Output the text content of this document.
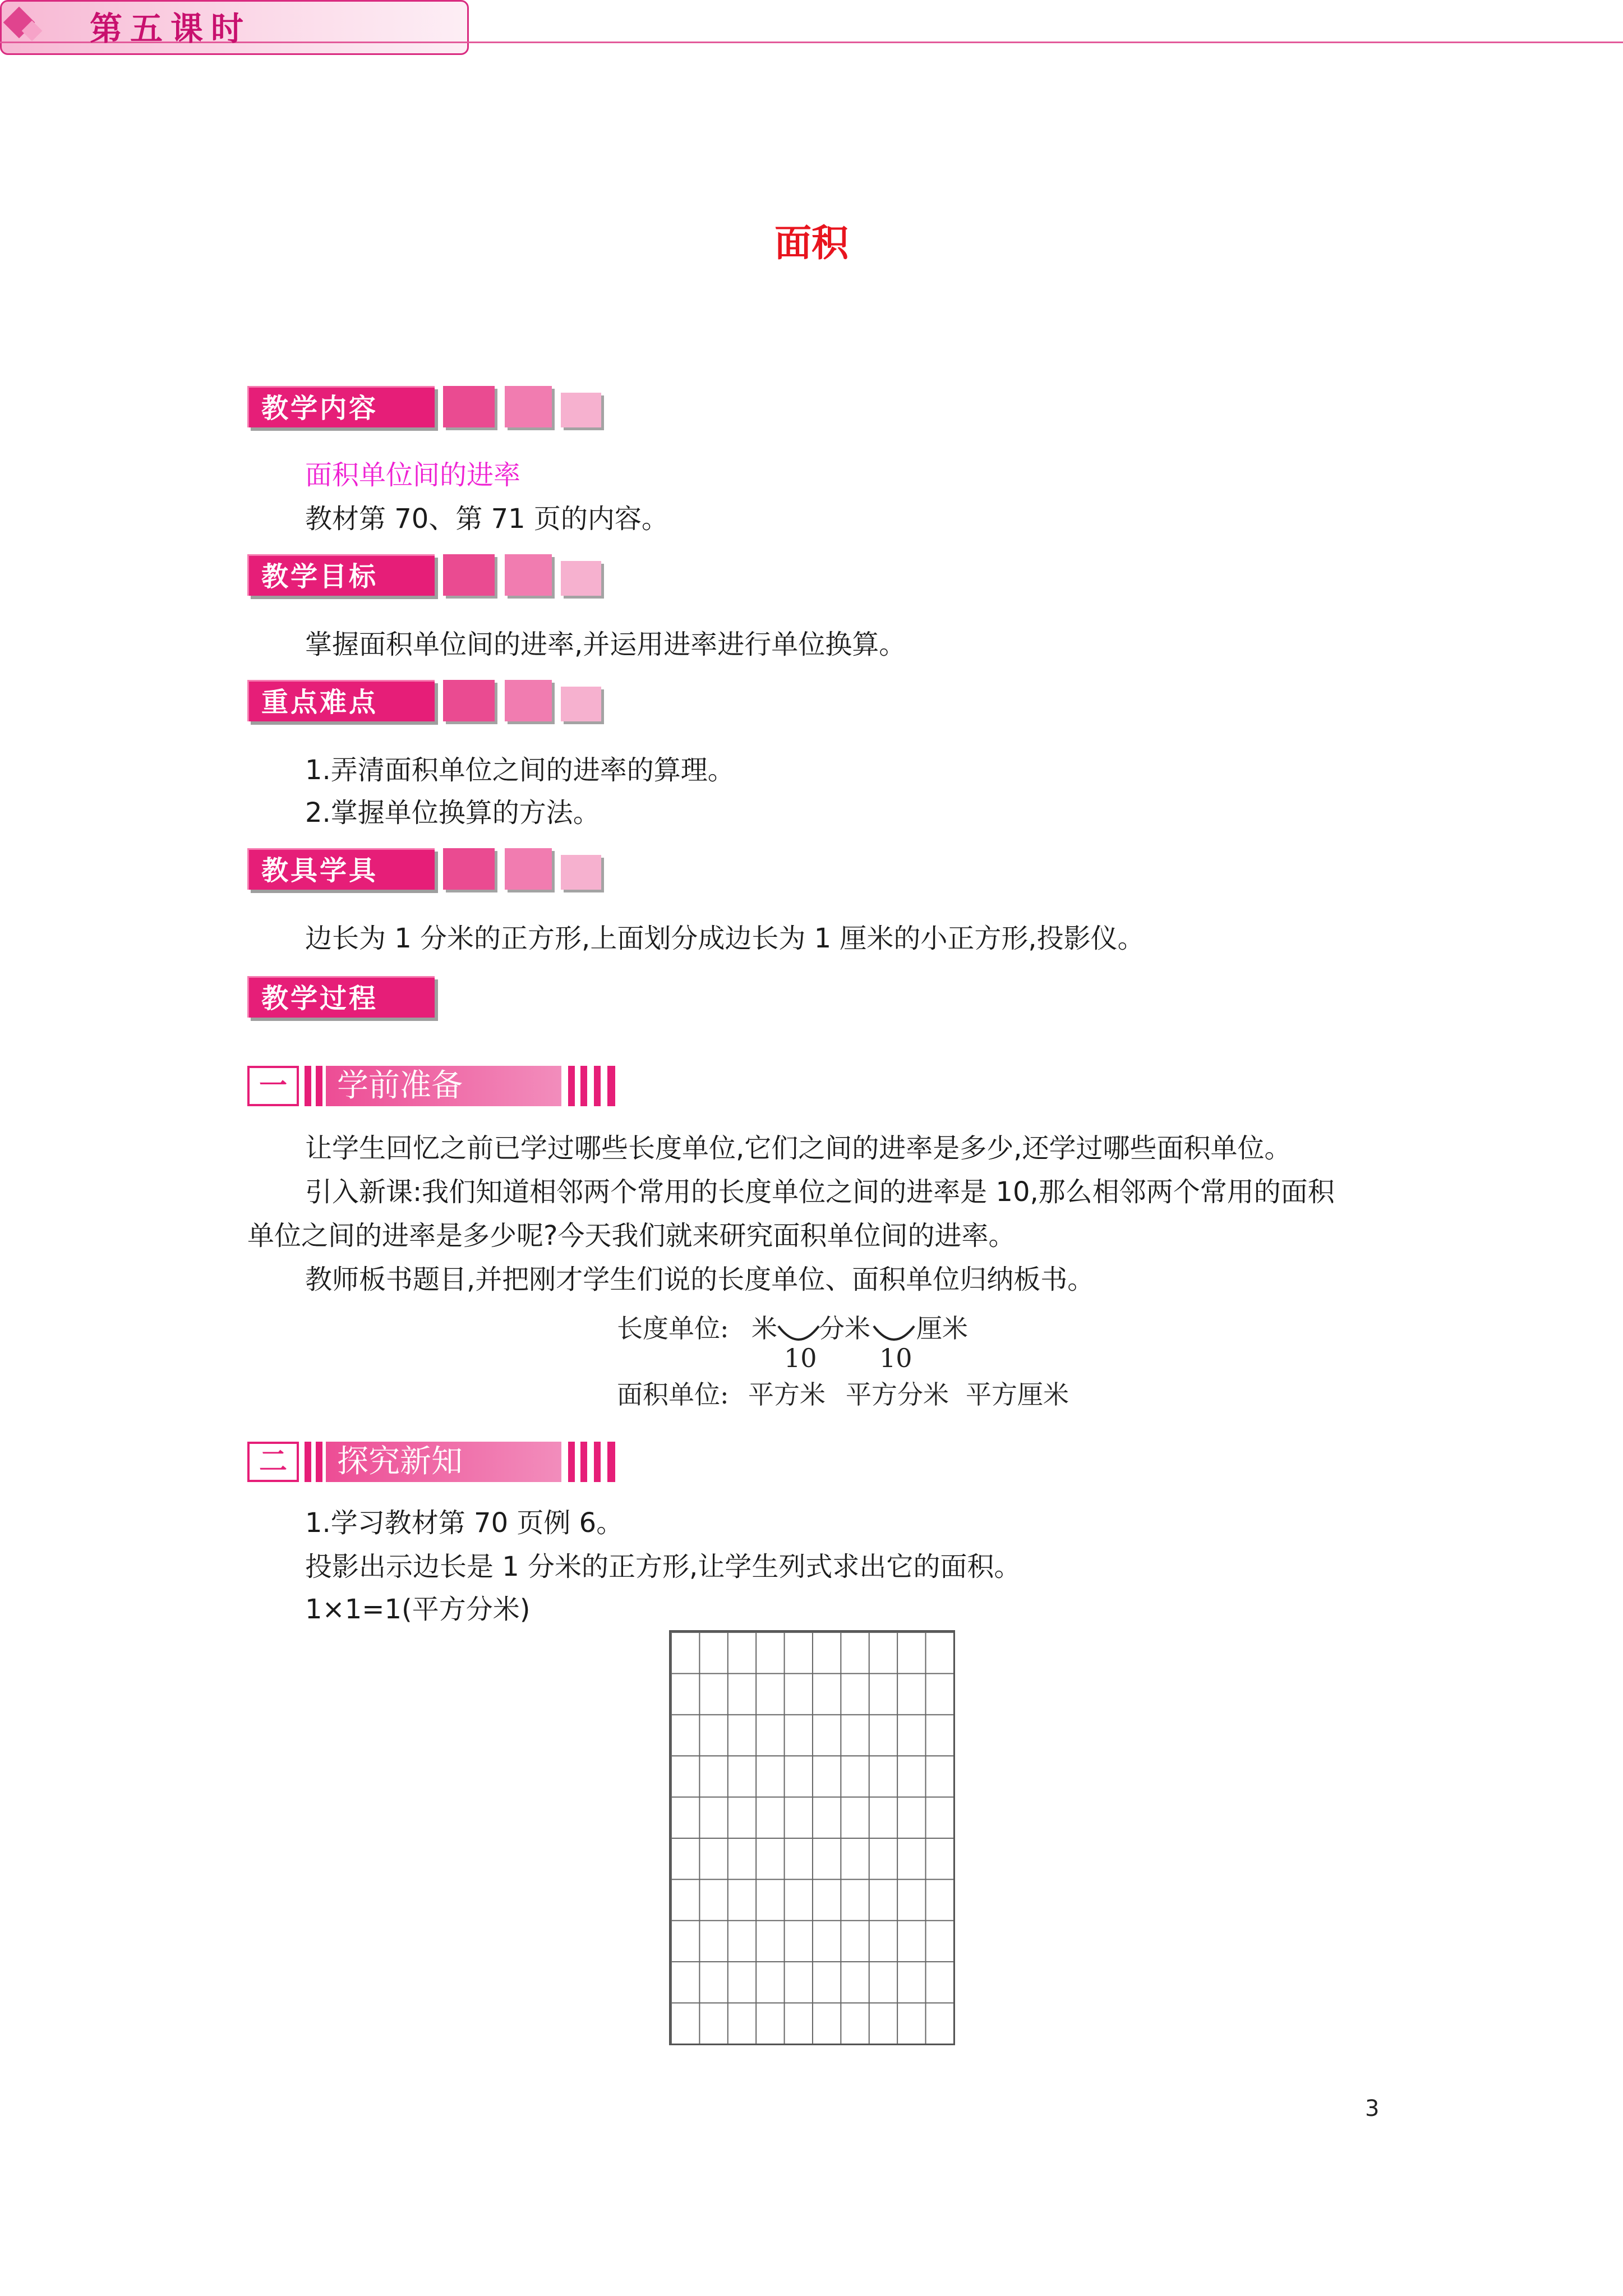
面积
第五课时
教学内容
面积单位间的进率
教材第 70、第 71 页的内容。
教学目标
掌握面积单位间的进率,并运用进率进行单位换算。
重点难点
1.弄清面积单位之间的进率的算理。
2.掌握单位换算的方法。
教具学具
边长为 1 分米的正方形,上面划分成边长为 1 厘米的小正方形,投影仪。
教学过程
一	学前准备
让学生回忆之前已学过哪些长度单位,它们之间的进率是多少,还学过哪些面积单位。
引入新课:我们知道相邻两个常用的长度单位之间的进率是 10,那么相邻两个常用的面积
单位之间的进率是多少呢?今天我们就来研究面积单位间的进率。
教师板书题目,并把刚才学生们说的长度单位、面积单位归纳板书。
长度单位: 米 分米 厘米
10 10
面积单位: 平方米 平方分米 平方厘米
二	探究新知
1.学习教材第 70 页例 6。
投影出示边长是 1 分米的正方形,让学生列式求出它的面积。
1×1=1(平方分米)
3
